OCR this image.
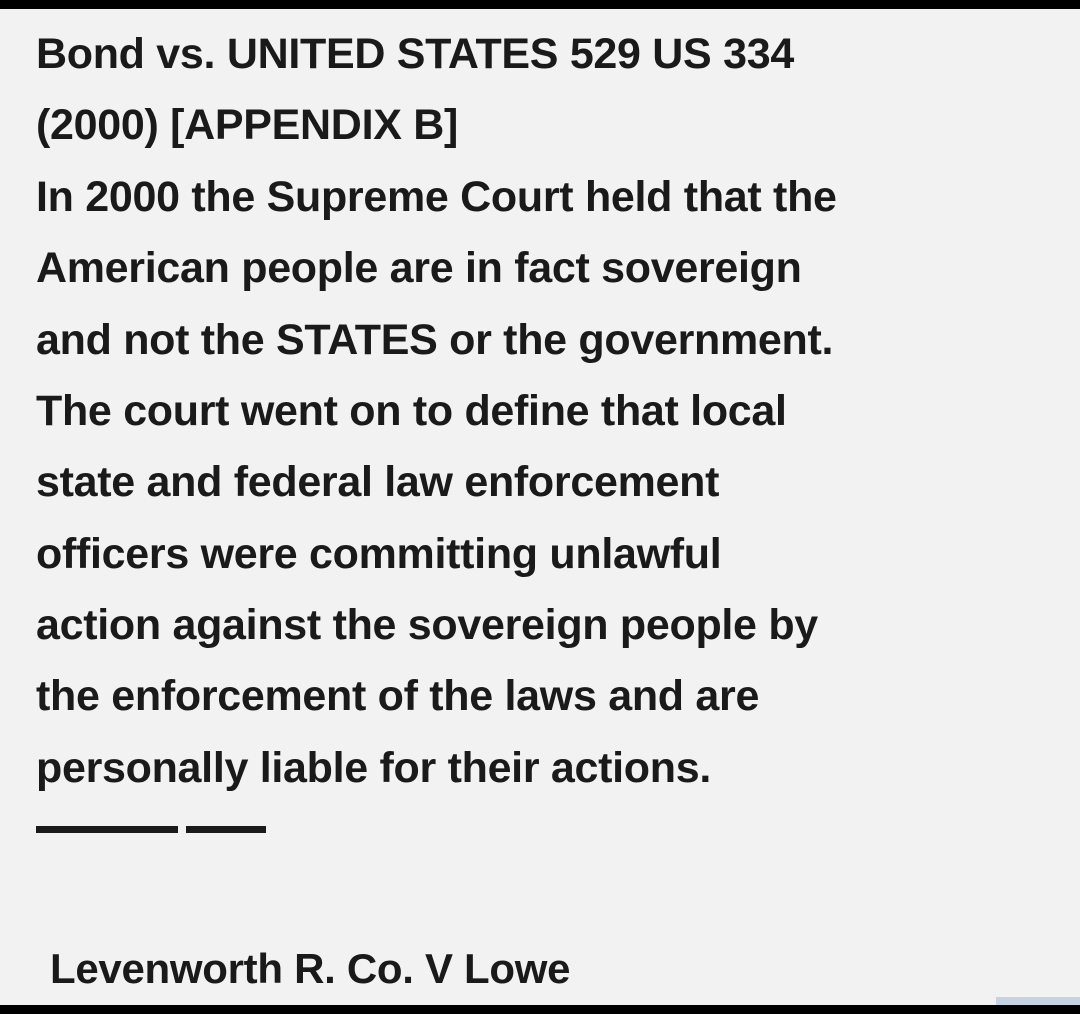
Bond vs. UNITED STATES 529 US 334
(2000) [APPENDIX B]
In 2000 the Supreme Court held that the
American people are in fact sovereign
and not the STATES or the government.
The court went on to define that local
state and federal law enforcement
officers were committing unlawful
action against the sovereign people by
the enforcement of the laws and are
personally liable for their actions.
Levenworth R. Co. V Lowe
